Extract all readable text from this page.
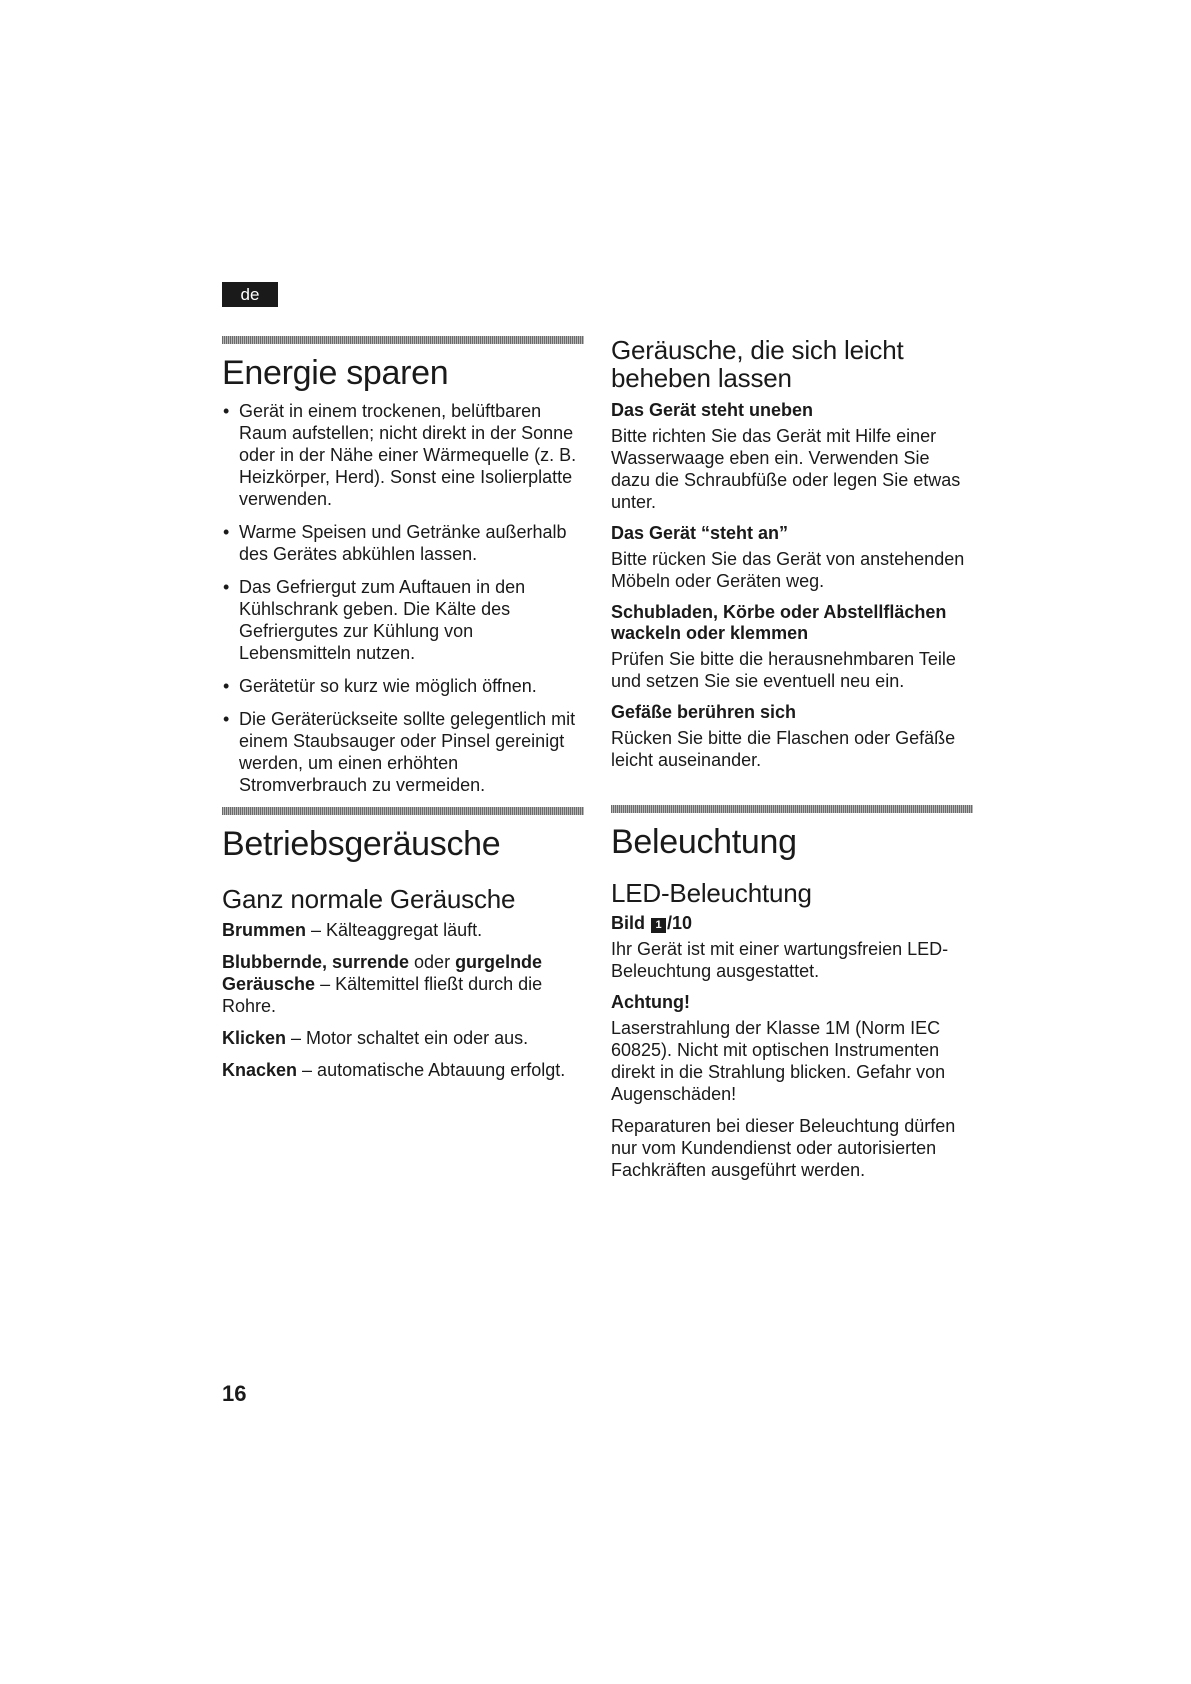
de
Energie sparen
• Gerät in einem trockenen, belüftbaren Raum aufstellen; nicht direkt in der Sonne oder in der Nähe einer Wärmequelle (z. B. Heizkörper, Herd). Sonst eine Isolierplatte verwenden.
• Warme Speisen und Getränke außerhalb des Gerätes abkühlen lassen.
• Das Gefriergut zum Auftauen in den Kühlschrank geben. Die Kälte des Gefriergutes zur Kühlung von Lebensmitteln nutzen.
• Gerätetür so kurz wie möglich öffnen.
• Die Geräterückseite sollte gelegentlich mit einem Staubsauger oder Pinsel gereinigt werden, um einen erhöhten Stromverbrauch zu vermeiden.
Betriebsgeräusche
Ganz normale Geräusche

Brummen – Kälteaggregat läuft.

Blubbernde, surrende oder gurgelnde Geräusche – Kältemittel fließt durch die Rohre.

Klicken – Motor schaltet ein oder aus.

Knacken – automatische Abtauung erfolgt.

Geräusche, die sich leicht beheben lassen
Das Gerät steht uneben

Bitte richten Sie das Gerät mit Hilfe einer Wasserwaage eben ein. Verwenden Sie dazu die Schraubfüße oder legen Sie etwas unter.

Das Gerät “steht an”

Bitte rücken Sie das Gerät von anstehenden Möbeln oder Geräten weg.

Schubladen, Körbe oder Abstellflächen wackeln oder klemmen

Prüfen Sie bitte die herausnehmbaren Teile und setzen Sie sie eventuell neu ein.

Gefäße berühren sich

Rücken Sie bitte die Flaschen oder Gefäße leicht auseinander.

Beleuchtung
LED-Beleuchtung
Bild 1 /10

Ihr Gerät ist mit einer wartungsfreien LED-Beleuchtung ausgestattet.

Achtung!

Laserstrahlung der Klasse 1M (Norm IEC 60825). Nicht mit optischen Instrumenten direkt in die Strahlung blicken. Gefahr von Augenschäden!

Reparaturen bei dieser Beleuchtung dürfen nur vom Kundendienst oder autorisierten Fachkräften ausgeführt werden.

16
